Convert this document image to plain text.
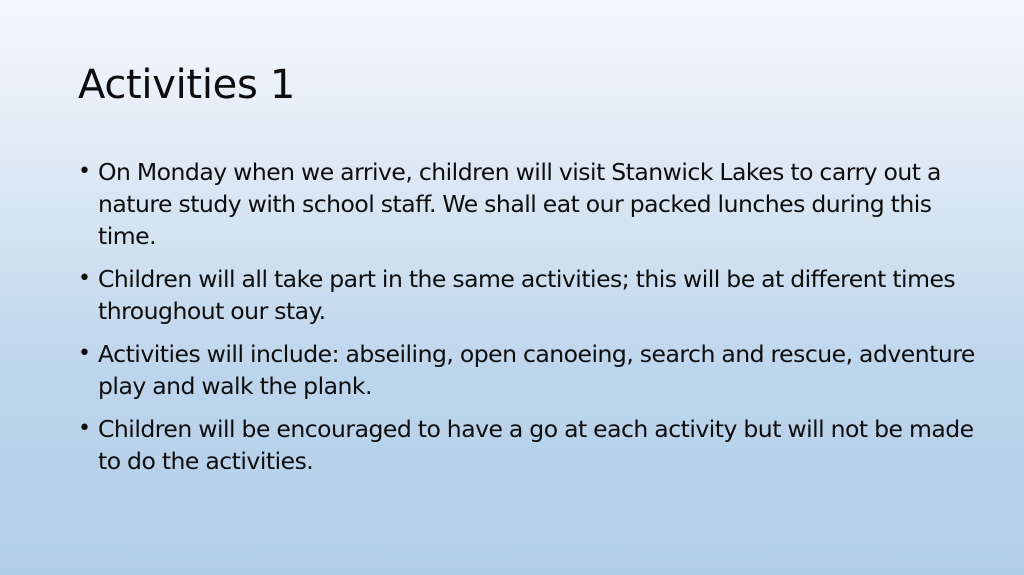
Activities 1
• On Monday when we arrive, children will visit Stanwick Lakes to carry out a nature study with school staff. We shall eat our packed lunches during this time.
• Children will all take part in the same activities; this will be at different times throughout our stay.
• Activities will include: abseiling, open canoeing, search and rescue, adventure play and walk the plank.
• Children will be encouraged to have a go at each activity but will not be made to do the activities.
